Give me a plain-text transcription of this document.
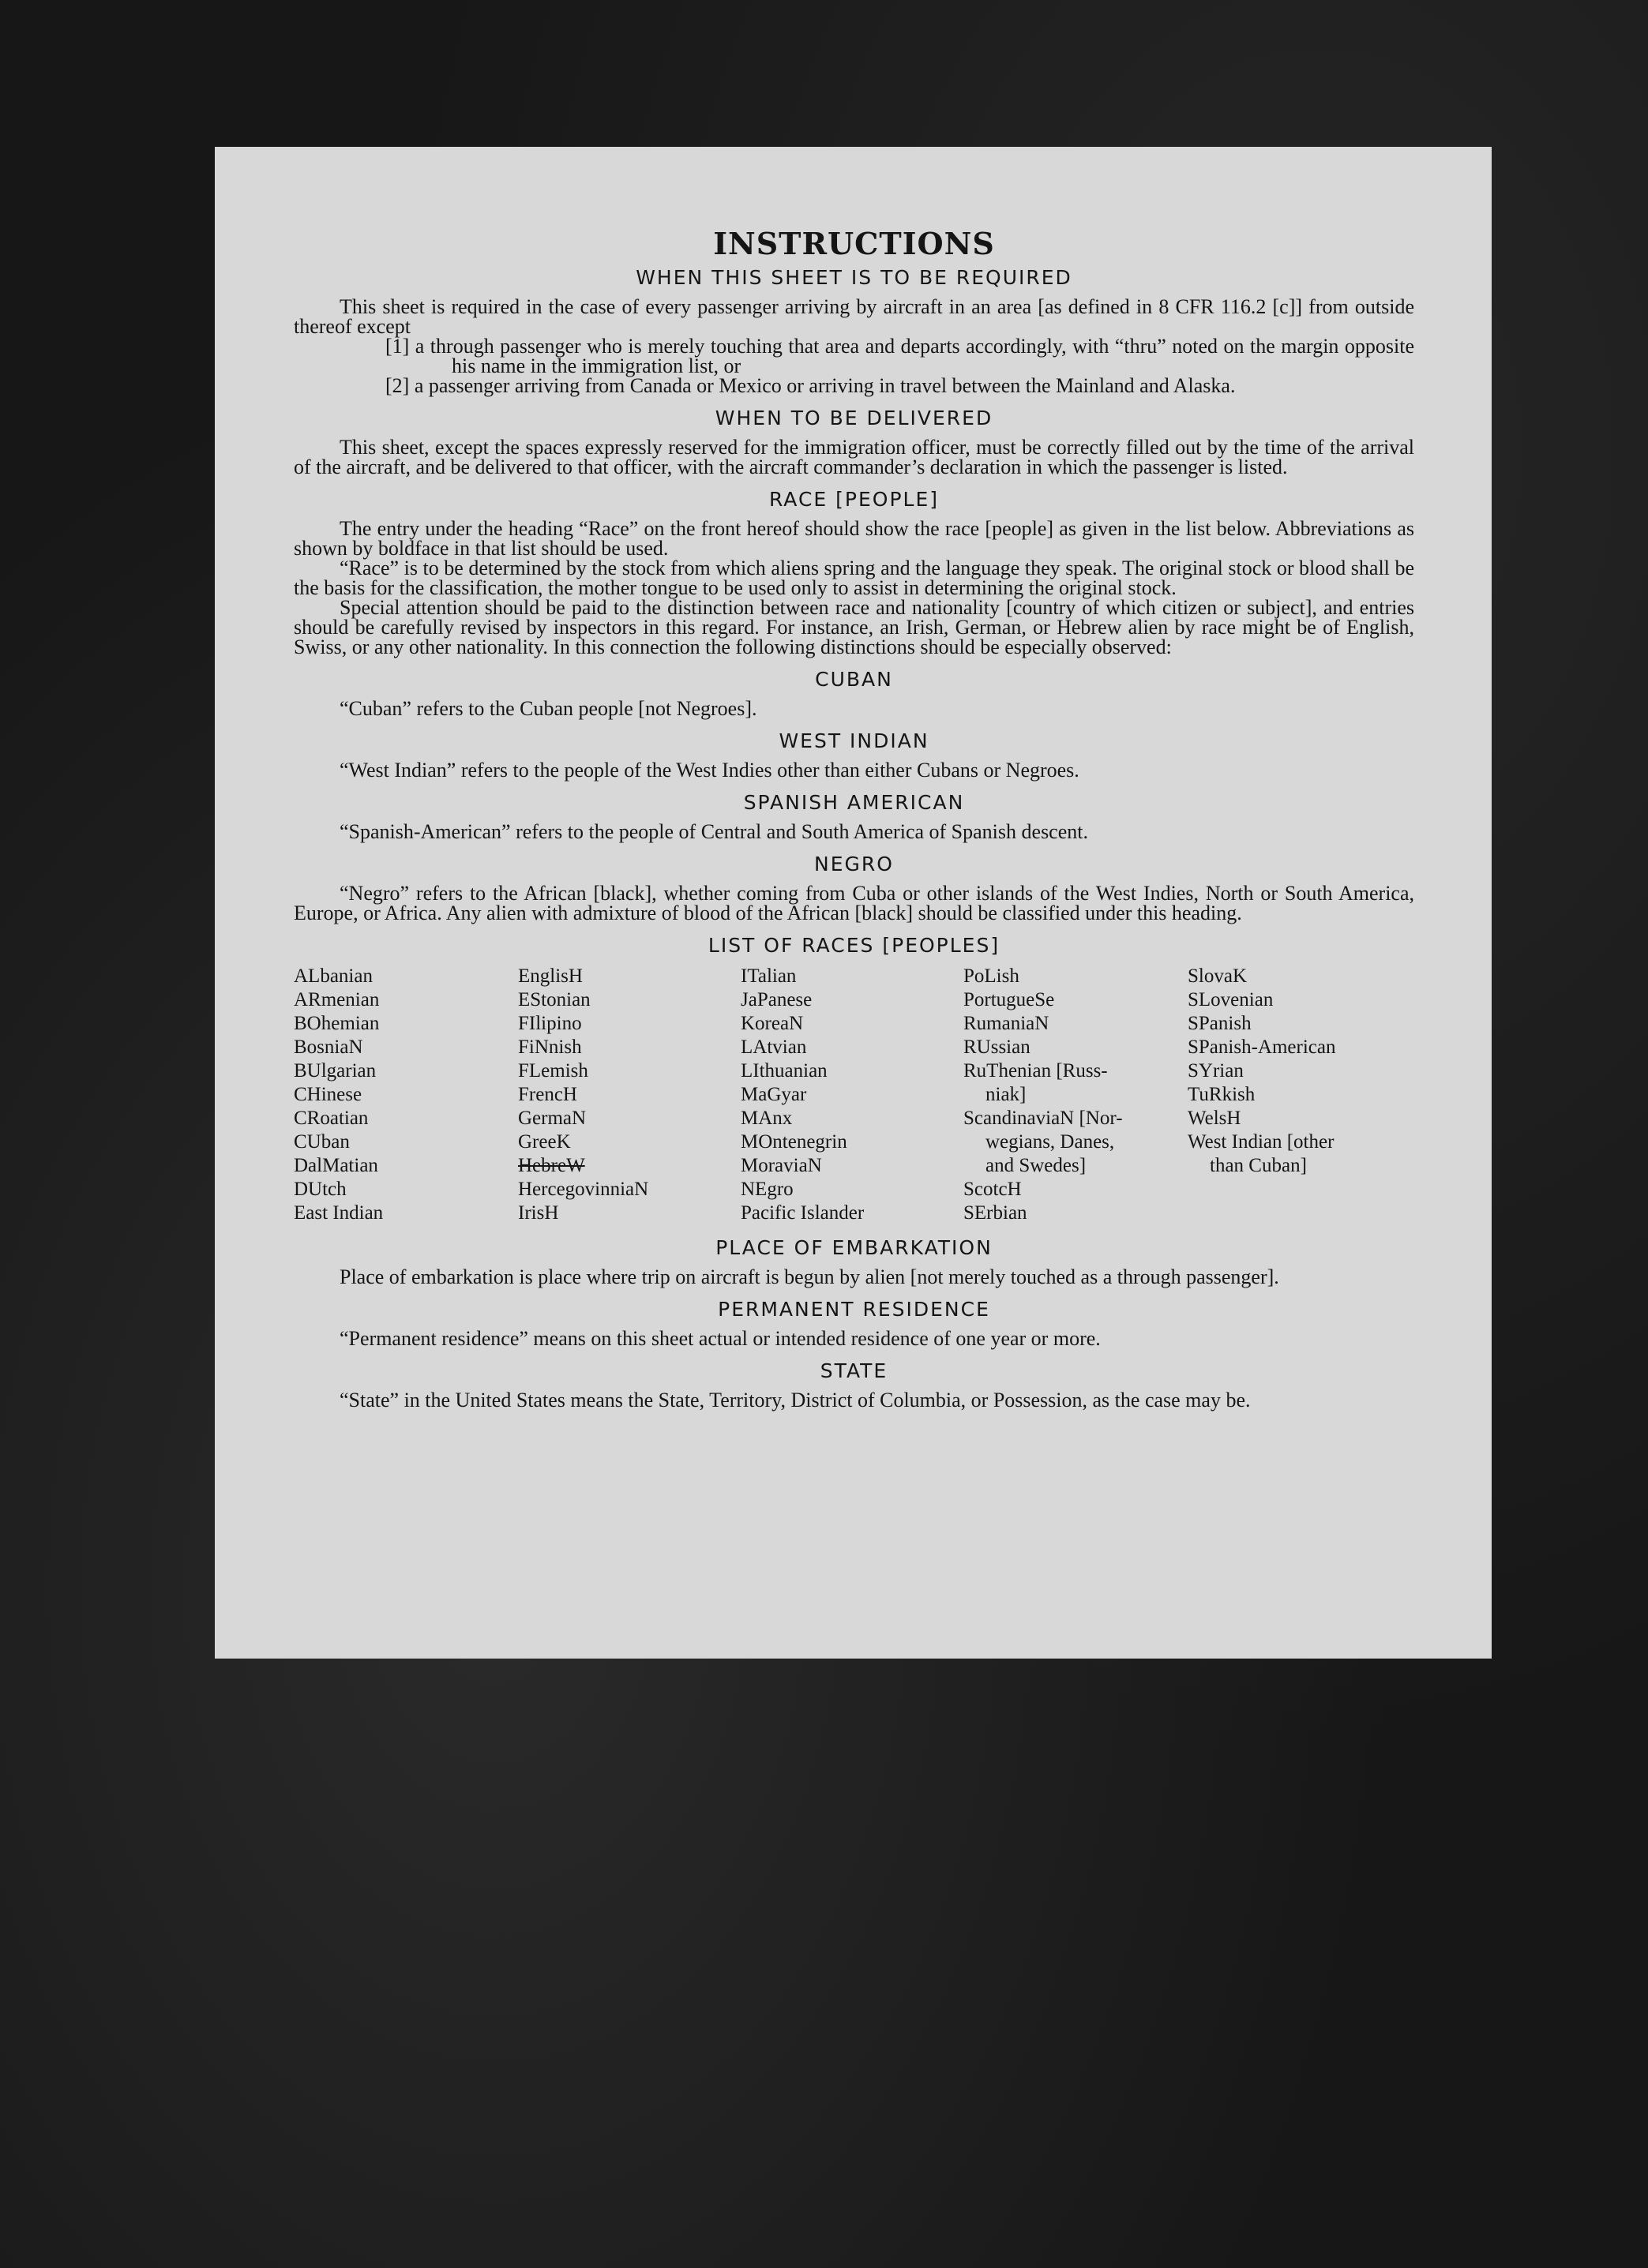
INSTRUCTIONS
WHEN THIS SHEET IS TO BE REQUIRED

This sheet is required in the case of every passenger arriving by aircraft in an area [as defined in 8 CFR 116.2 [c]] from outside thereof except

[1] a through passenger who is merely touching that area and departs accordingly, with “thru” noted on the margin opposite his name in the immigration list, or

[2] a passenger arriving from Canada or Mexico or arriving in travel between the Mainland and Alaska.

WHEN TO BE DELIVERED

This sheet, except the spaces expressly reserved for the immigration officer, must be correctly filled out by the time of the arrival of the aircraft, and be delivered to that officer, with the aircraft commander’s declaration in which the passenger is listed.

RACE [PEOPLE]

The entry under the heading “Race” on the front hereof should show the race [people] as given in the list below. Abbreviations as shown by boldface in that list should be used.

“Race” is to be determined by the stock from which aliens spring and the language they speak. The original stock or blood shall be the basis for the classification, the mother tongue to be used only to assist in determining the original stock.

Special attention should be paid to the distinction between race and nationality [country of which citizen or subject], and entries should be carefully revised by inspectors in this regard. For instance, an Irish, German, or Hebrew alien by race might be of English, Swiss, or any other nationality. In this connection the following distinctions should be especially observed:

CUBAN

“Cuban” refers to the Cuban people [not Negroes].

WEST INDIAN

“West Indian” refers to the people of the West Indies other than either Cubans or Negroes.

SPANISH AMERICAN

“Spanish-American” refers to the people of Central and South America of Spanish descent.

NEGRO

“Negro” refers to the African [black], whether coming from Cuba or other islands of the West Indies, North or South America, Europe, or Africa. Any alien with admixture of blood of the African [black] should be classified under this heading.

LIST OF RACES [PEOPLES]
ALbanian
ARmenian
BOhemian
BosniaN
BUlgarian
CHinese
CRoatian
CUban
DalMatian
DUtch
East Indian
EnglisH
EStonian
FIlipino
FiNnish
FLemish
FrencH
GermaN
GreeK
HebreW
HercegovinniaN
IrisH
ITalian
JaPanese
KoreaN
LAtvian
LIthuanian
MaGyar
MAnx
MOntenegrin
MoraviaN
NEgro
Pacific Islander
PoLish
PortugueSe
RumaniaN
RUssian
RuThenian [Russ-
niak]
ScandinaviaN [Nor-
wegians, Danes,
and Swedes]
ScotcH
SErbian
SlovaK
SLovenian
SPanish
SPanish-American
SYrian
TuRkish
WelsH
West Indian [other
than Cuban]
PLACE OF EMBARKATION

Place of embarkation is place where trip on aircraft is begun by alien [not merely touched as a through passenger].

PERMANENT RESIDENCE

“Permanent residence” means on this sheet actual or intended residence of one year or more.

STATE

“State” in the United States means the State, Territory, District of Columbia, or Possession, as the case may be.
